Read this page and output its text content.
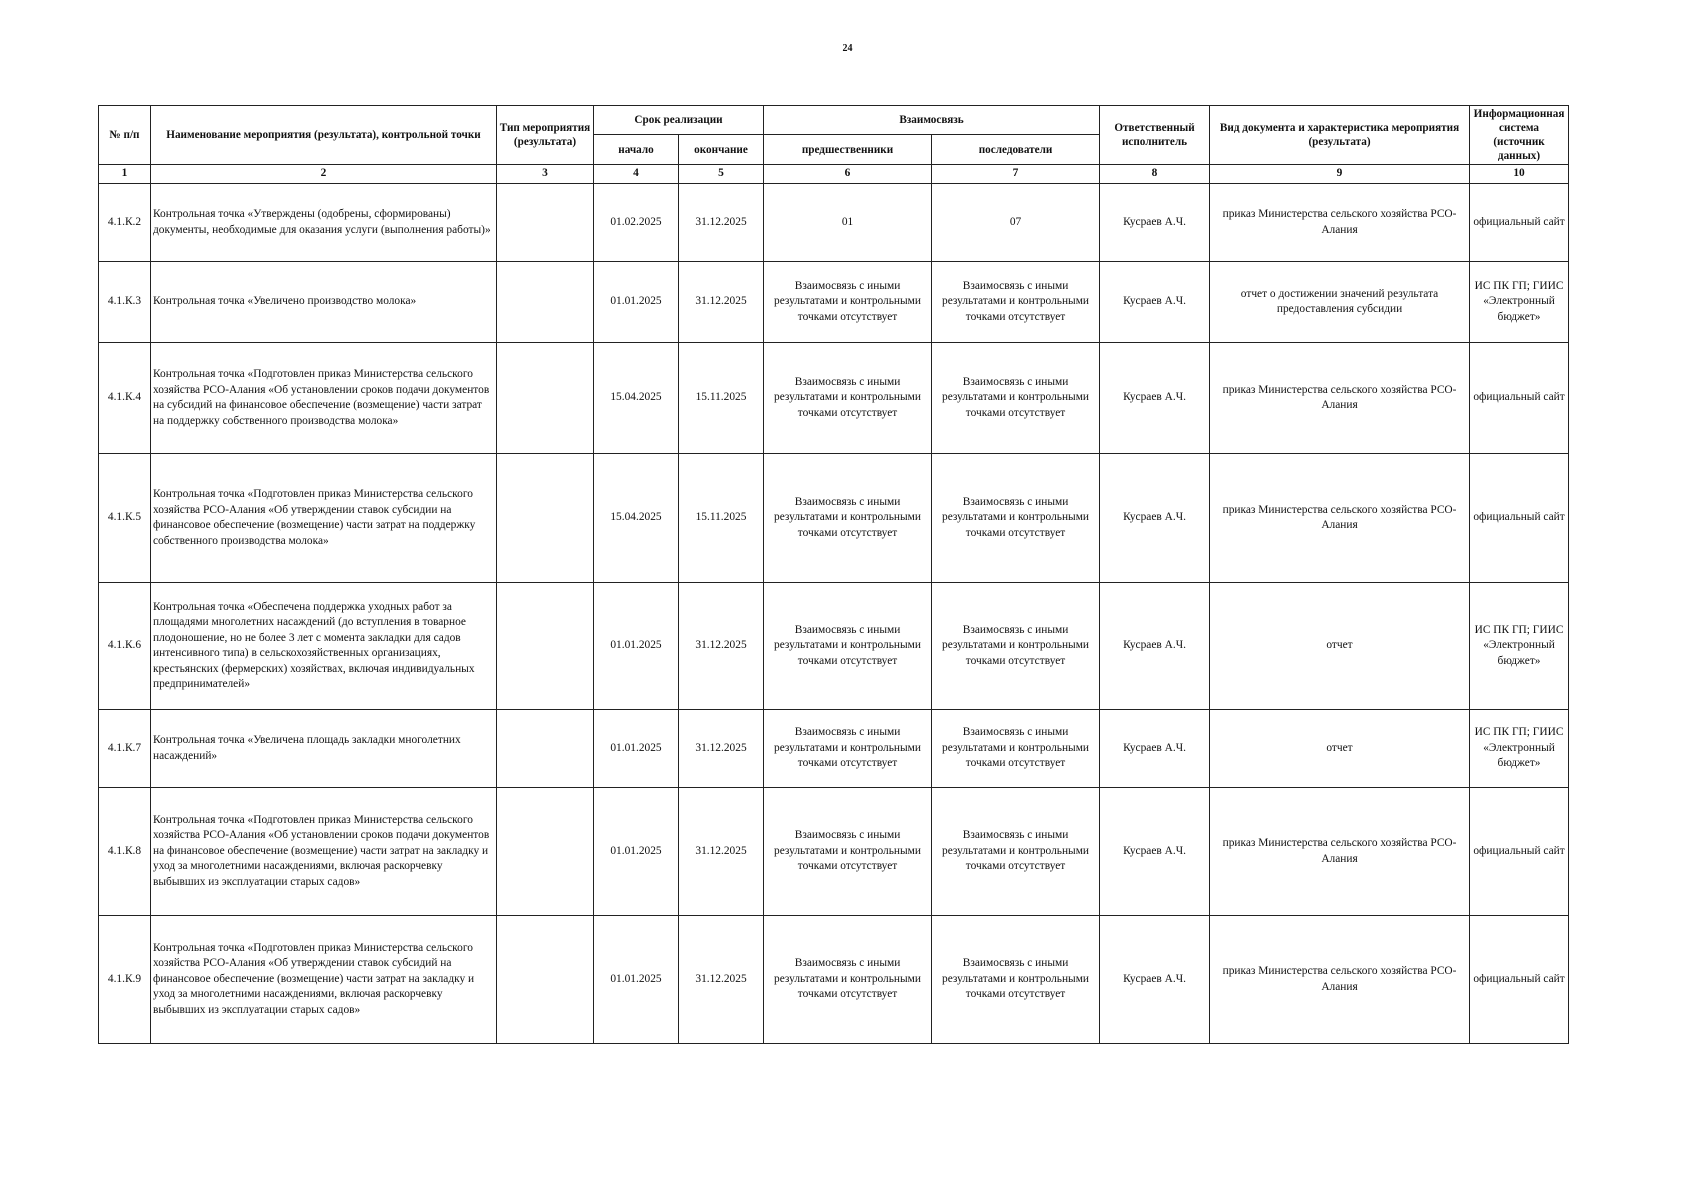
24
№ п/п	Наименование мероприятия (результата), контрольной точки	Тип мероприятия (результата)	Срок реализации		Взаимосвязь		Ответственный исполнитель	Вид документа и характеристика мероприятия (результата)	Информационная система (источник данных)
			начало	окончание	предшественники	последователи			
1	2	3	4	5	6	7	8	9	10
4.1.К.2	Контрольная точка «Утверждены (одобрены, сформированы) документы, необходимые для оказания услуги (выполнения работы)»		01.02.2025	31.12.2025	01	07	Кусраев А.Ч.	приказ Министерства сельского хозяйства РСО-Алания	официальный сайт
4.1.К.3	Контрольная точка «Увеличено производство молока»		01.01.2025	31.12.2025	Взаимосвязь с иными результатами и контрольными точками отсутствует	Взаимосвязь с иными результатами и контрольными точками отсутствует	Кусраев А.Ч.	отчет о достижении значений результата предоставления субсидии	ИС ПК ГП; ГИИС «Электронный бюджет»
4.1.К.4	Контрольная точка «Подготовлен приказ Министерства сельского хозяйства РСО-Алания «Об установлении сроков подачи документов на субсидий на финансовое обеспечение (возмещение) части затрат на поддержку собственного производства молока»		15.04.2025	15.11.2025	Взаимосвязь с иными результатами и контрольными точками отсутствует	Взаимосвязь с иными результатами и контрольными точками отсутствует	Кусраев А.Ч.	приказ Министерства сельского хозяйства РСО-Алания	официальный сайт
4.1.К.5	Контрольная точка «Подготовлен приказ Министерства сельского хозяйства РСО-Алания «Об утверждении ставок субсидии на финансовое обеспечение (возмещение) части затрат на поддержку собственного производства молока»		15.04.2025	15.11.2025	Взаимосвязь с иными результатами и контрольными точками отсутствует	Взаимосвязь с иными результатами и контрольными точками отсутствует	Кусраев А.Ч.	приказ Министерства сельского хозяйства РСО-Алания	официальный сайт
4.1.К.6	Контрольная точка «Обеспечена поддержка уходных работ за площадями многолетних насаждений (до вступления в товарное плодоношение, но не более 3 лет с момента закладки для садов интенсивного типа) в сельскохозяйственных организациях, крестьянских (фермерских) хозяйствах, включая индивидуальных предпринимателей»		01.01.2025	31.12.2025	Взаимосвязь с иными результатами и контрольными точками отсутствует	Взаимосвязь с иными результатами и контрольными точками отсутствует	Кусраев А.Ч.	отчет	ИС ПК ГП; ГИИС «Электронный бюджет»
4.1.К.7	Контрольная точка «Увеличена площадь закладки многолетних насаждений»		01.01.2025	31.12.2025	Взаимосвязь с иными результатами и контрольными точками отсутствует	Взаимосвязь с иными результатами и контрольными точками отсутствует	Кусраев А.Ч.	отчет	ИС ПК ГП; ГИИС «Электронный бюджет»
4.1.К.8	Контрольная точка «Подготовлен приказ Министерства сельского хозяйства РСО-Алания «Об установлении сроков подачи документов на финансовое обеспечение (возмещение) части затрат на закладку и уход за многолетними насаждениями, включая раскорчевку выбывших из эксплуатации старых садов»		01.01.2025	31.12.2025	Взаимосвязь с иными результатами и контрольными точками отсутствует	Взаимосвязь с иными результатами и контрольными точками отсутствует	Кусраев А.Ч.	приказ Министерства сельского хозяйства РСО-Алания	официальный сайт
4.1.К.9	Контрольная точка «Подготовлен приказ Министерства сельского хозяйства РСО-Алания «Об утверждении ставок субсидий на финансовое обеспечение (возмещение) части затрат на закладку и уход за многолетними насаждениями, включая раскорчевку выбывших из эксплуатации старых садов»		01.01.2025	31.12.2025	Взаимосвязь с иными результатами и контрольными точками отсутствует	Взаимосвязь с иными результатами и контрольными точками отсутствует	Кусраев А.Ч.	приказ Министерства сельского хозяйства РСО-Алания	официальный сайт
